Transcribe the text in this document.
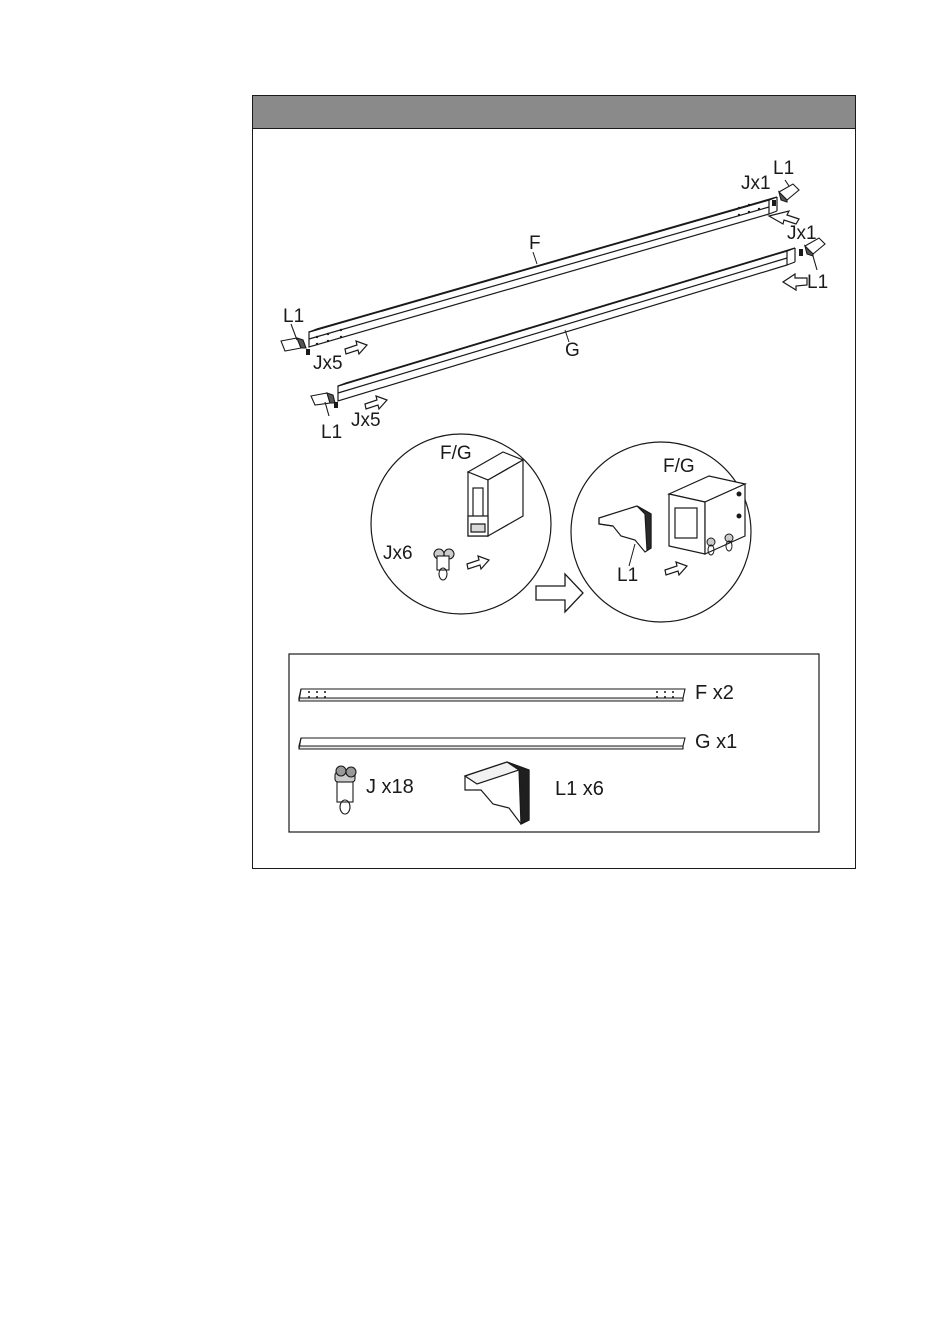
F
G
L1
Jx5
Jx5
L1
Jx1
L1
Jx1
L1
F/G
Jx6
F/G
L1
F x2
G x1
J x18	L1 x6
